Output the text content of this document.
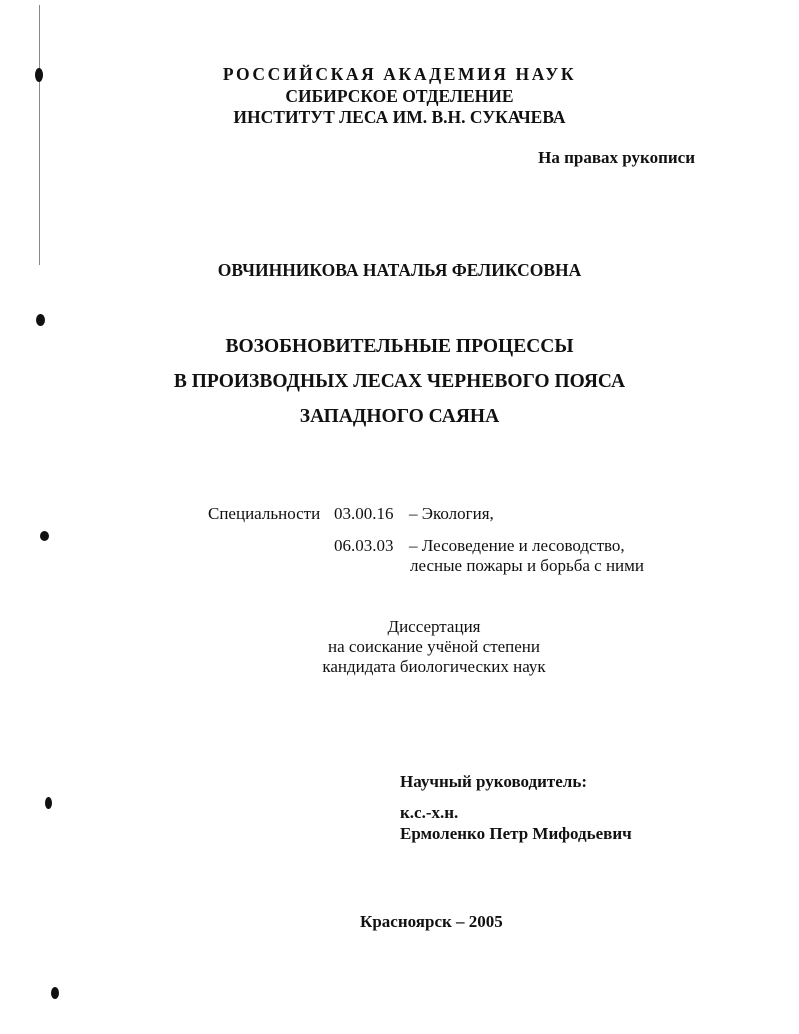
РОССИЙСКАЯ АКАДЕМИЯ НАУК
СИБИРСКОЕ ОТДЕЛЕНИЕ
ИНСТИТУТ ЛЕСА ИМ. В.Н. СУКАЧЕВА
На правах рукописи
ОВЧИННИКОВА НАТАЛЬЯ ФЕЛИКСОВНА
ВОЗОБНОВИТЕЛЬНЫЕ ПРОЦЕССЫ
В ПРОИЗВОДНЫХ ЛЕСАХ ЧЕРНЕВОГО ПОЯСА
ЗАПАДНОГО САЯНА
Специальности 03.00.16 – Экология,
06.03.03 – Лесоведение и лесоводство,
лесные пожары и борьба с ними
Диссертация
на соискание учёной степени
кандидата биологических наук
Научный руководитель:
к.с.-х.н.
Ермоленко Петр Мифодьевич
Красноярск – 2005
